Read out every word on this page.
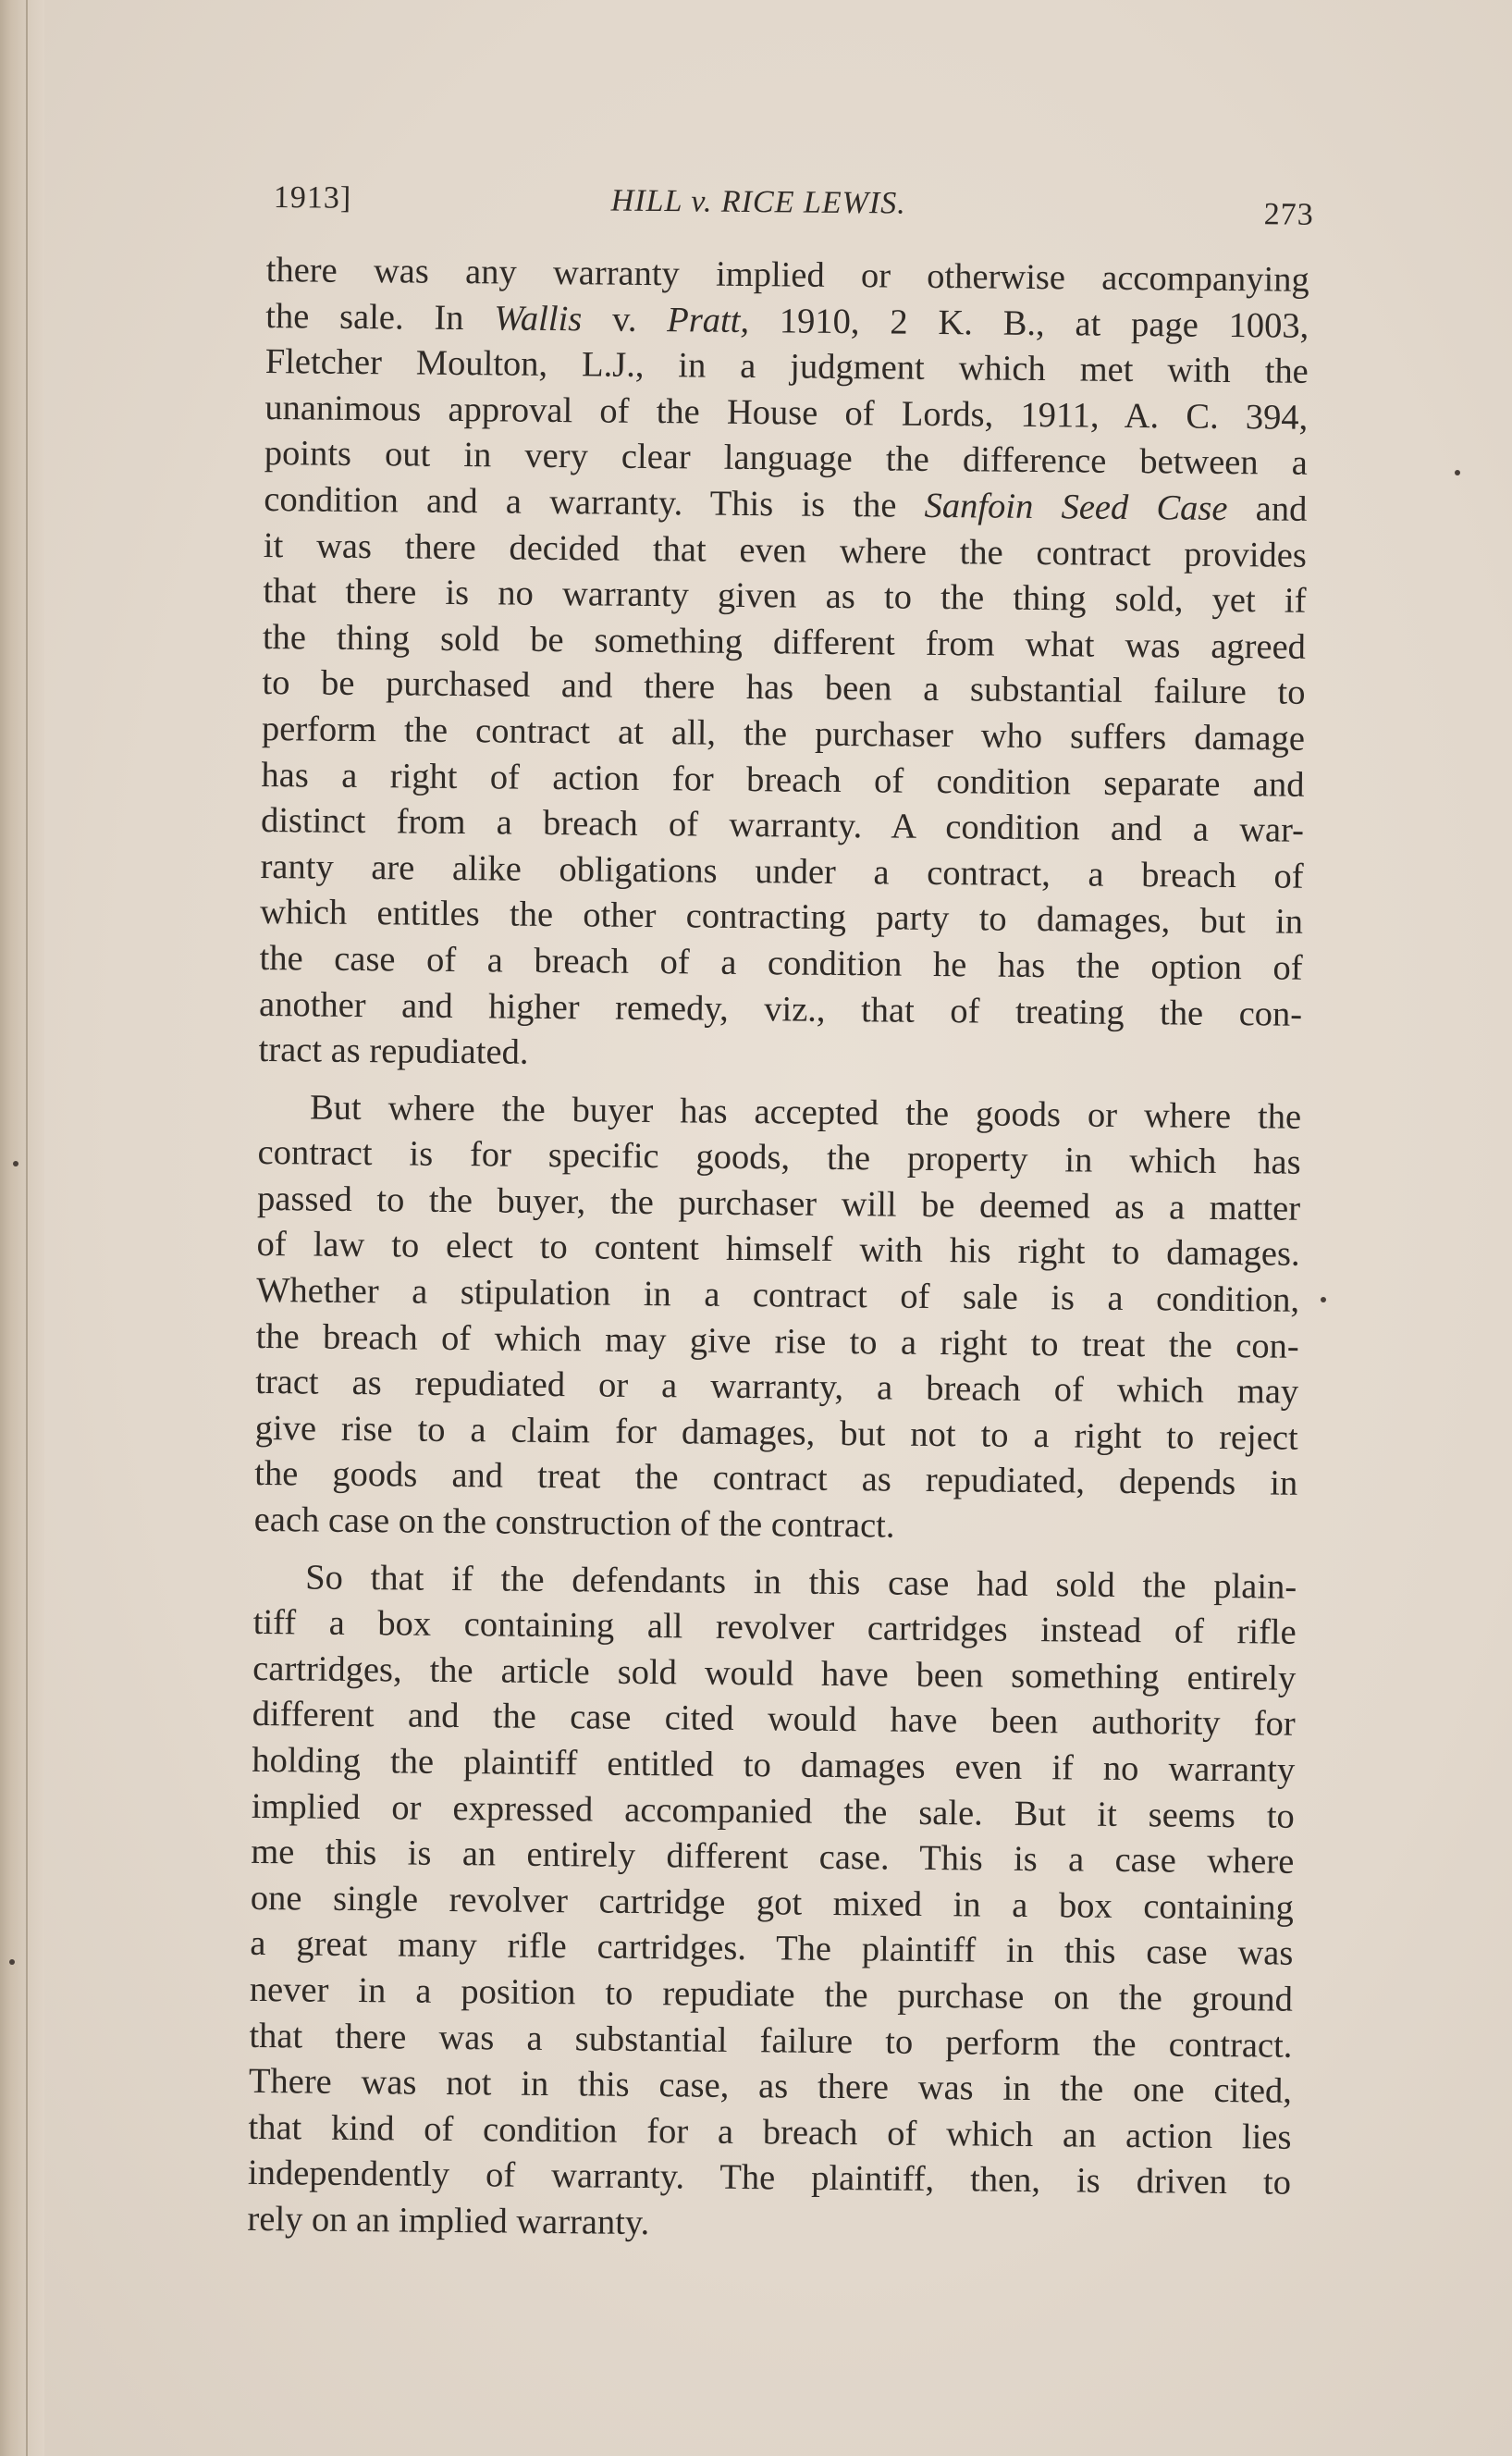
1913]	HILL v. RICE LEWIS.	273

there was any warranty implied or otherwise accompanying

the sale. In Wallis v. Pratt, 1910, 2 K. B., at page 1003,

Fletcher Moulton, L.J., in a judgment which met with the

unanimous approval of the House of Lords, 1911, A. C. 394,

points out in very clear language the difference between a

condition and a warranty. This is the Sanfoin Seed Case and

it was there decided that even where the contract provides

that there is no warranty given as to the thing sold, yet if

the thing sold be something different from what was agreed

to be purchased and there has been a substantial failure to

perform the contract at all, the purchaser who suffers damage

has a right of action for breach of condition separate and

distinct from a breach of warranty. A condition and a war-

ranty are alike obligations under a contract, a breach of

which entitles the other contracting party to damages, but in

the case of a breach of a condition he has the option of

another and higher remedy, viz., that of treating the con-

tract as repudiated.

But where the buyer has accepted the goods or where the

contract is for specific goods, the property in which has

passed to the buyer, the purchaser will be deemed as a matter

of law to elect to content himself with his right to damages.

Whether a stipulation in a contract of sale is a condition,

the breach of which may give rise to a right to treat the con-

tract as repudiated or a warranty, a breach of which may

give rise to a claim for damages, but not to a right to reject

the goods and treat the contract as repudiated, depends in

each case on the construction of the contract.

So that if the defendants in this case had sold the plain-

tiff a box containing all revolver cartridges instead of rifle

cartridges, the article sold would have been something entirely

different and the case cited would have been authority for

holding the plaintiff entitled to damages even if no warranty

implied or expressed accompanied the sale. But it seems to

me this is an entirely different case. This is a case where

one single revolver cartridge got mixed in a box containing

a great many rifle cartridges. The plaintiff in this case was

never in a position to repudiate the purchase on the ground

that there was a substantial failure to perform the contract.

There was not in this case, as there was in the one cited,

that kind of condition for a breach of which an action lies

independently of warranty. The plaintiff, then, is driven to

rely on an implied warranty.
